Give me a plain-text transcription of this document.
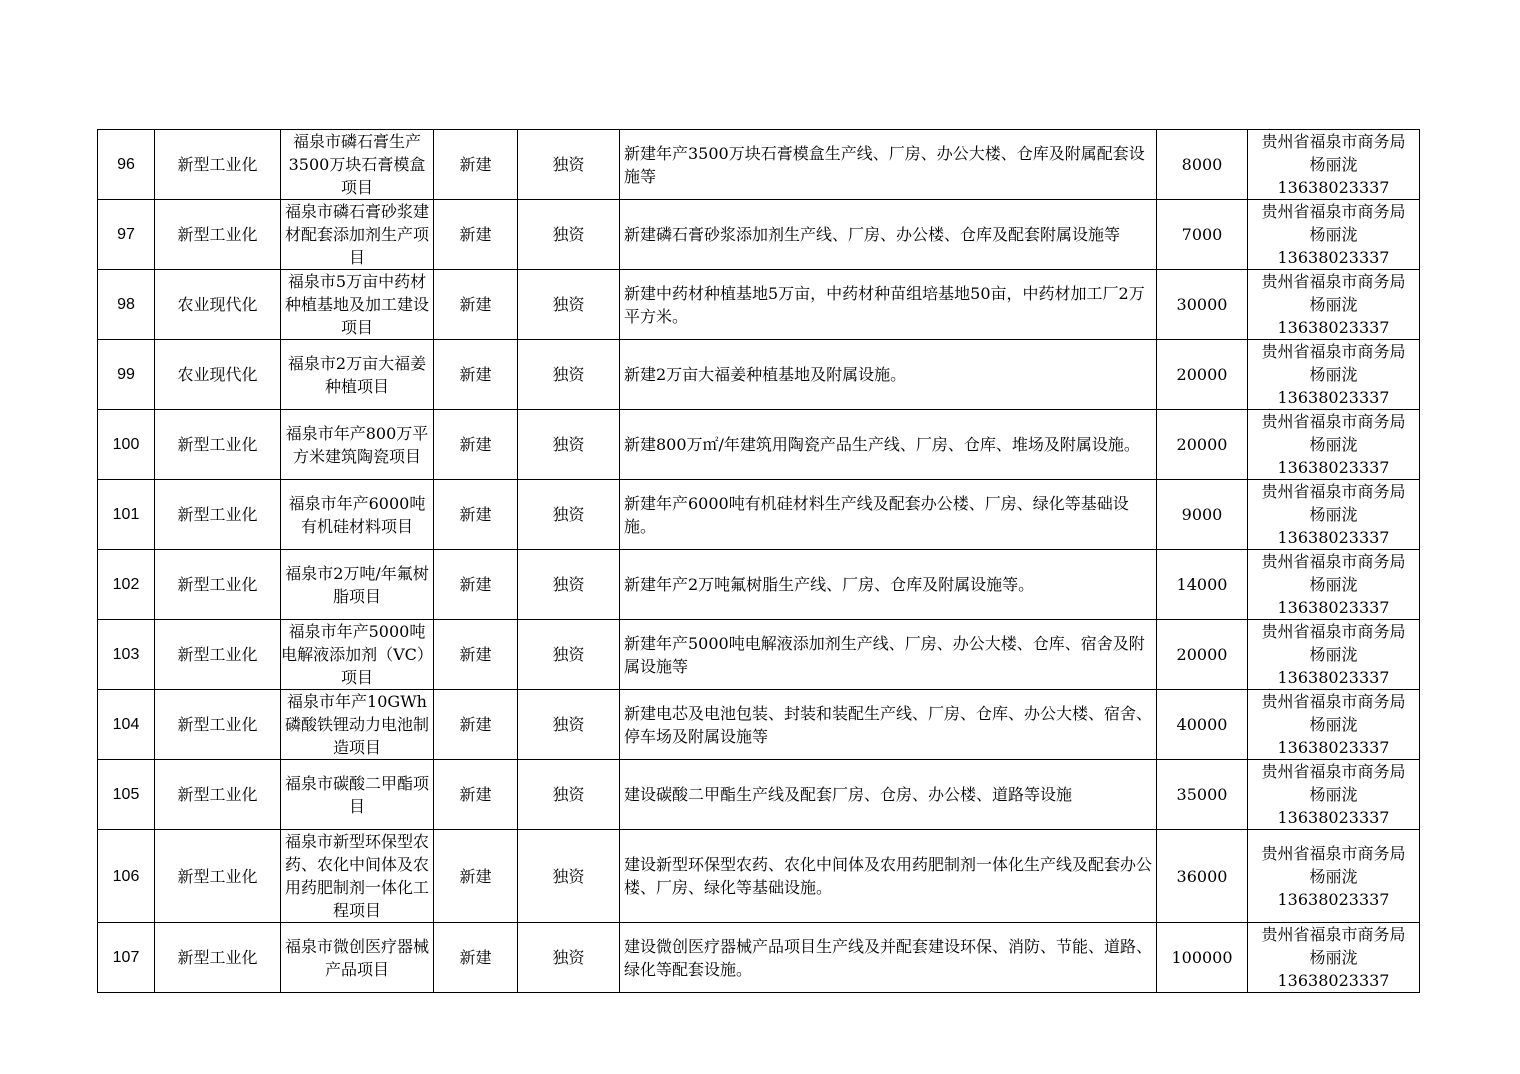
96	新型工业化	福泉市磷石膏生产3500万块石膏模盒项目	新建	独资	新建年产3500万块石膏模盒生产线、厂房、办公大楼、仓库及附属配套设施等	8000	贵州省福泉市商务局
杨丽泷
13638023337

97	新型工业化	福泉市磷石膏砂浆建材配套添加剂生产项目	新建	独资	新建磷石膏砂浆添加剂生产线、厂房、办公楼、仓库及配套附属设施等	7000	贵州省福泉市商务局
杨丽泷
13638023337

98	农业现代化	福泉市5万亩中药材种植基地及加工建设项目	新建	独资	新建中药材种植基地5万亩，中药材种苗组培基地50亩，中药材加工厂2万平方米。	30000	贵州省福泉市商务局
杨丽泷
13638023337

99	农业现代化	福泉市2万亩大福姜种植项目	新建	独资	新建2万亩大福姜种植基地及附属设施。	20000	贵州省福泉市商务局
杨丽泷
13638023337

100	新型工业化	福泉市年产800万平方米建筑陶瓷项目	新建	独资	新建800万㎡/年建筑用陶瓷产品生产线、厂房、仓库、堆场及附属设施。	20000	贵州省福泉市商务局
杨丽泷
13638023337

101	新型工业化	福泉市年产6000吨有机硅材料项目	新建	独资	新建年产6000吨有机硅材料生产线及配套办公楼、厂房、绿化等基础设施。	9000	贵州省福泉市商务局
杨丽泷
13638023337

102	新型工业化	福泉市2万吨/年氟树脂项目	新建	独资	新建年产2万吨氟树脂生产线、厂房、仓库及附属设施等。	14000	贵州省福泉市商务局
杨丽泷
13638023337

103	新型工业化	福泉市年产5000吨电解液添加剂（VC）项目	新建	独资	新建年产5000吨电解液添加剂生产线、厂房、办公大楼、仓库、宿舍及附属设施等	20000	贵州省福泉市商务局
杨丽泷
13638023337

104	新型工业化	福泉市年产10GWh磷酸铁锂动力电池制造项目	新建	独资	新建电芯及电池包装、封装和装配生产线、厂房、仓库、办公大楼、宿舍、停车场及附属设施等	40000	贵州省福泉市商务局
杨丽泷
13638023337

105	新型工业化	福泉市碳酸二甲酯项目	新建	独资	建设碳酸二甲酯生产线及配套厂房、仓房、办公楼、道路等设施	35000	贵州省福泉市商务局
杨丽泷
13638023337

106	新型工业化	福泉市新型环保型农药、农化中间体及农用药肥制剂一体化工程项目	新建	独资	建设新型环保型农药、农化中间体及农用药肥制剂一体化生产线及配套办公楼、厂房、绿化等基础设施。	36000	贵州省福泉市商务局
杨丽泷
13638023337

107	新型工业化	福泉市微创医疗器械产品项目	新建	独资	建设微创医疗器械产品项目生产线及并配套建设环保、消防、节能、道路、绿化等配套设施。	100000	贵州省福泉市商务局
杨丽泷
13638023337
